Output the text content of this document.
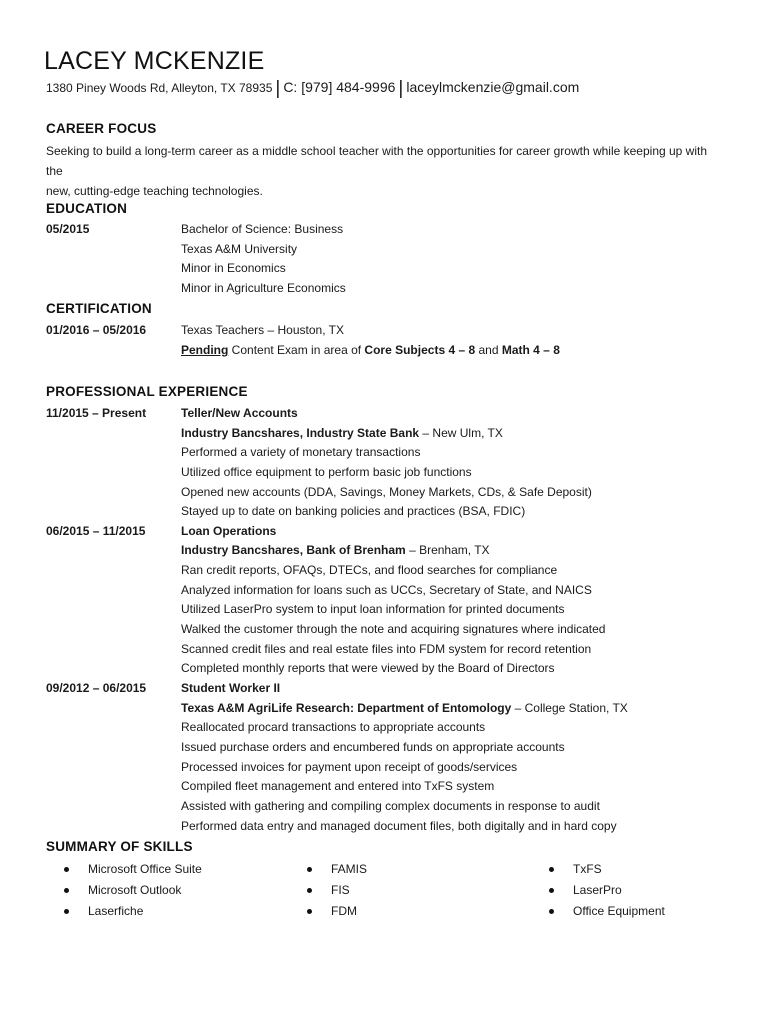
LACEY MCKENZIE
1380 Piney Woods Rd, Alleyton, TX 78935 | C: [979] 484-9996 | laceylmckenzie@gmail.com
CAREER FOCUS
Seeking to build a long-term career as a middle school teacher with the opportunities for career growth while keeping up with the
new, cutting-edge teaching technologies.
EDUCATION
05/2015	Bachelor of Science: Business
Texas A&M University
Minor in Economics
Minor in Agriculture Economics
CERTIFICATION
01/2016 – 05/2016	Texas Teachers – Houston, TX
Pending Content Exam in area of Core Subjects 4 – 8 and Math 4 – 8
PROFESSIONAL EXPERIENCE
11/2015 – Present	Teller/New Accounts
Industry Bancshares, Industry State Bank – New Ulm, TX
Performed a variety of monetary transactions
Utilized office equipment to perform basic job functions
Opened new accounts (DDA, Savings, Money Markets, CDs, & Safe Deposit)
Stayed up to date on banking policies and practices (BSA, FDIC)
06/2015 – 11/2015	Loan Operations
Industry Bancshares, Bank of Brenham – Brenham, TX
Ran credit reports, OFAQs, DTECs, and flood searches for compliance
Analyzed information for loans such as UCCs, Secretary of State, and NAICS
Utilized LaserPro system to input loan information for printed documents
Walked the customer through the note and acquiring signatures where indicated
Scanned credit files and real estate files into FDM system for record retention
Completed monthly reports that were viewed by the Board of Directors
09/2012 – 06/2015	Student Worker II
Texas A&M AgriLife Research: Department of Entomology – College Station, TX
Reallocated procard transactions to appropriate accounts
Issued purchase orders and encumbered funds on appropriate accounts
Processed invoices for payment upon receipt of goods/services
Compiled fleet management and entered into TxFS system
Assisted with gathering and compiling complex documents in response to audit
Performed data entry and managed document files, both digitally and in hard copy
SUMMARY OF SKILLS
Microsoft Office Suite
Microsoft Outlook
Laserfiche
FAMIS
FIS
FDM
TxFS
LaserPro
Office Equipment
